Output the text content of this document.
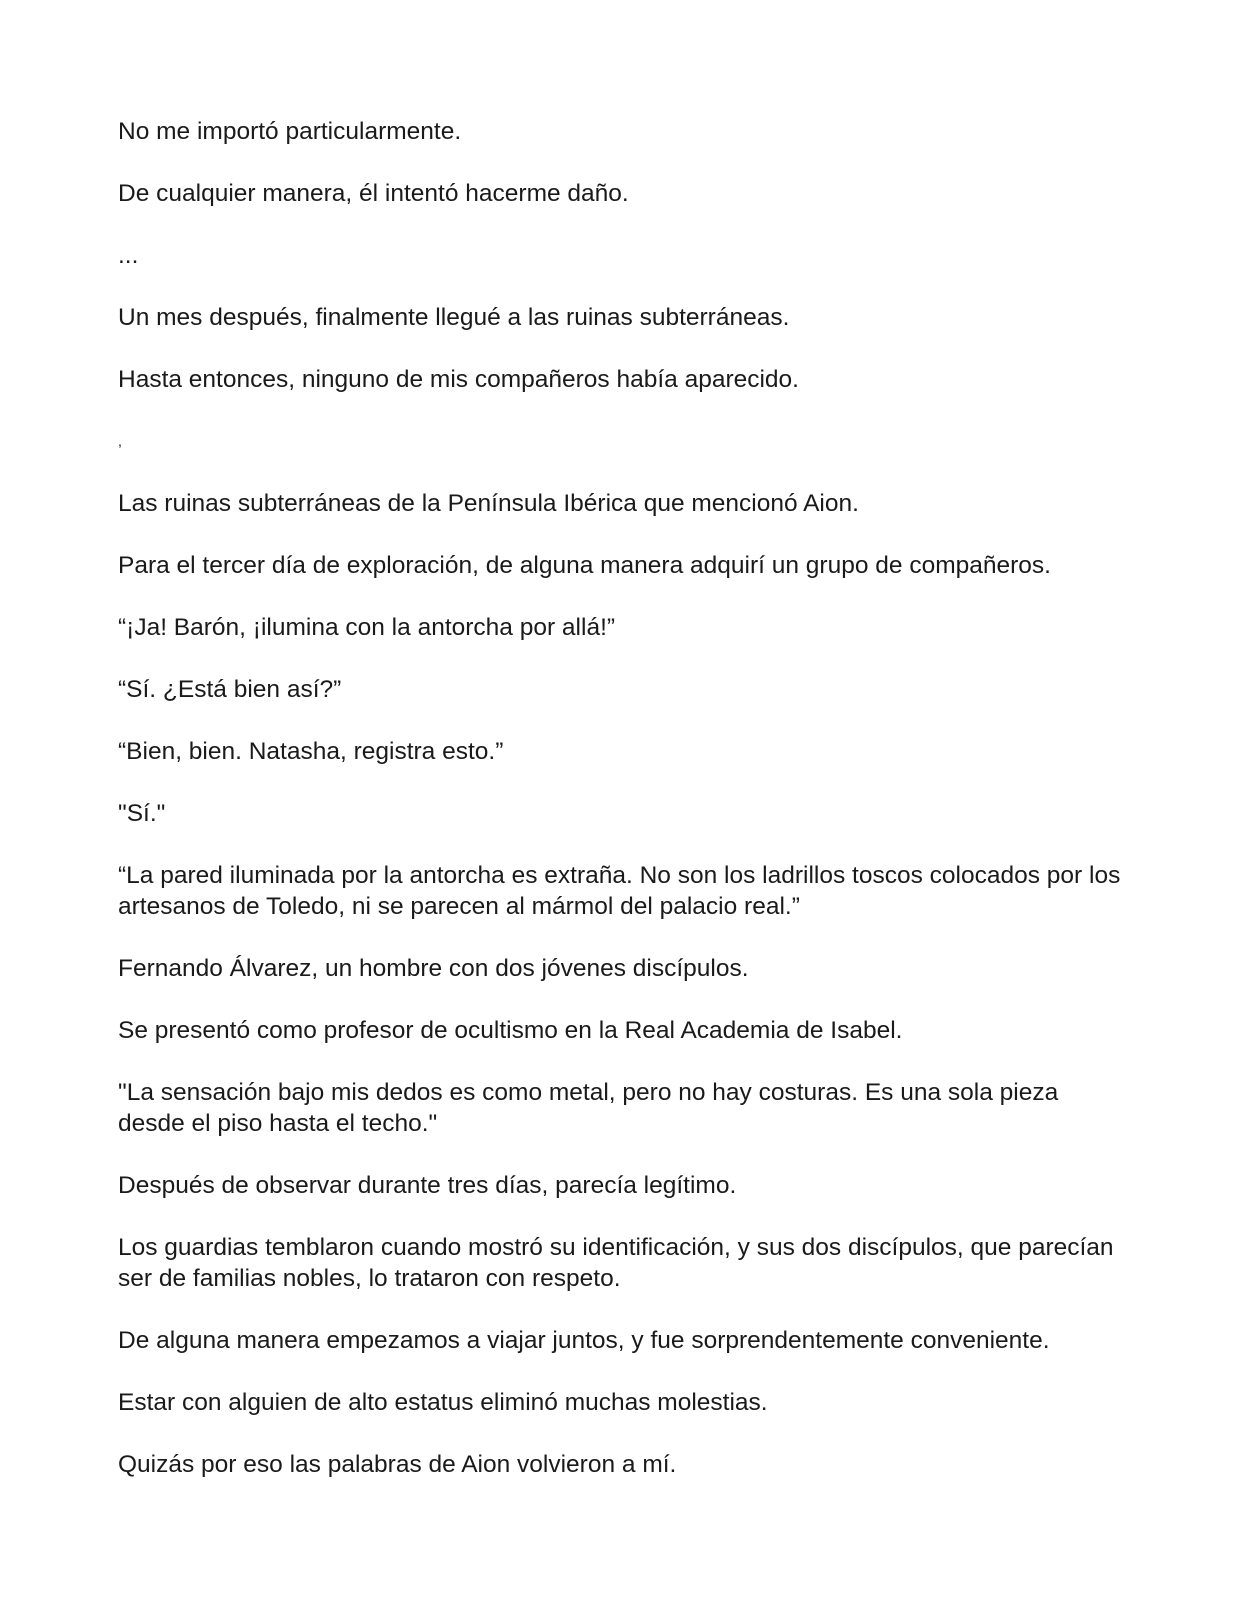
No me importó particularmente.

De cualquier manera, él intentó hacerme daño.

...

Un mes después, finalmente llegué a las ruinas subterráneas.

Hasta entonces, ninguno de mis compañeros había aparecido.

,

Las ruinas subterráneas de la Península Ibérica que mencionó Aion.

Para el tercer día de exploración, de alguna manera adquirí un grupo de compañeros.

“¡Ja! Barón, ¡ilumina con la antorcha por allá!”

“Sí. ¿Está bien así?”

“Bien, bien. Natasha, registra esto.”

"Sí."

“La pared iluminada por la antorcha es extraña. No son los ladrillos toscos colocados por los artesanos de Toledo, ni se parecen al mármol del palacio real.”

Fernando Álvarez, un hombre con dos jóvenes discípulos.

Se presentó como profesor de ocultismo en la Real Academia de Isabel.

"La sensación bajo mis dedos es como metal, pero no hay costuras. Es una sola pieza desde el piso hasta el techo."

Después de observar durante tres días, parecía legítimo.

Los guardias temblaron cuando mostró su identificación, y sus dos discípulos, que parecían ser de familias nobles, lo trataron con respeto.

De alguna manera empezamos a viajar juntos, y fue sorprendentemente conveniente.

Estar con alguien de alto estatus eliminó muchas molestias.

Quizás por eso las palabras de Aion volvieron a mí.
